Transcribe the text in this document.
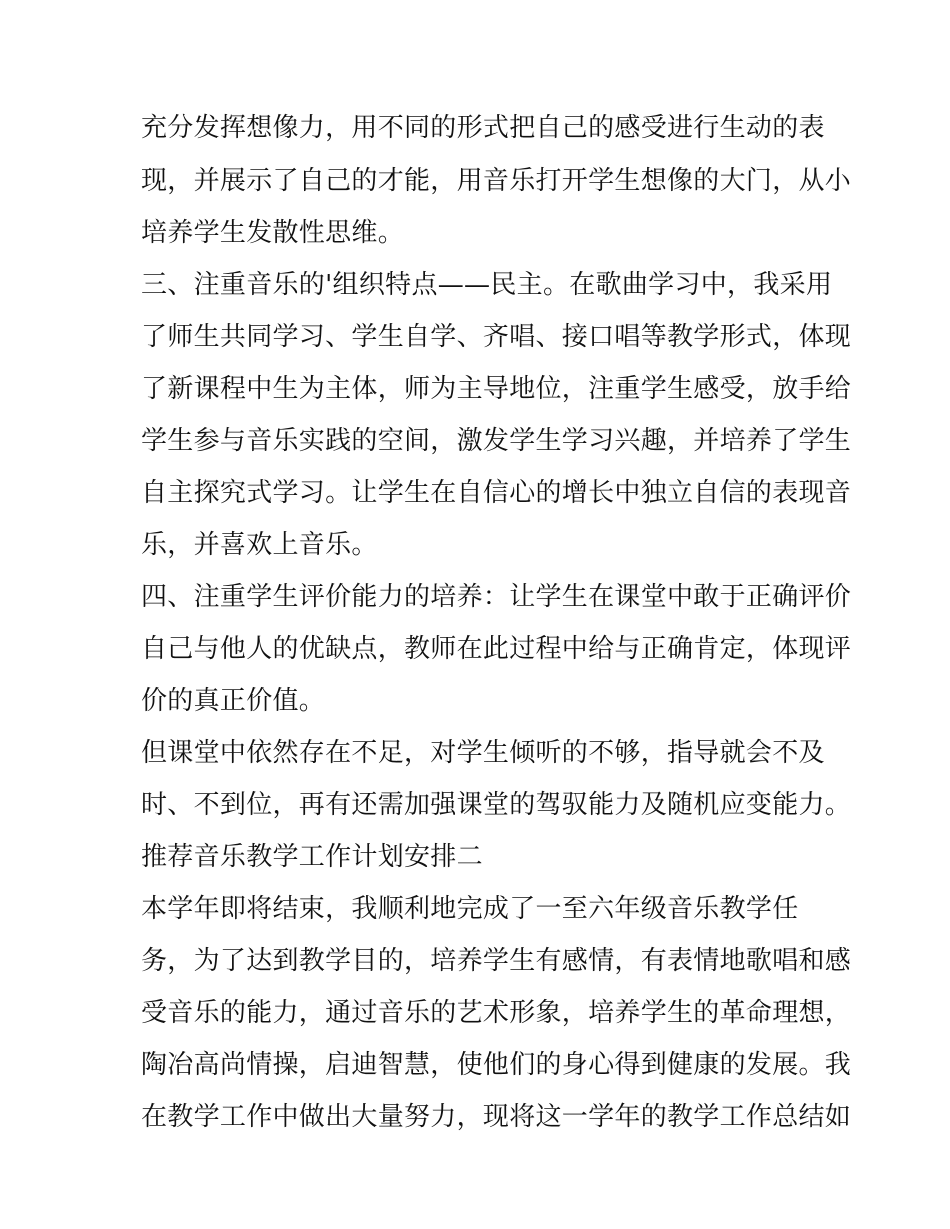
充分发挥想像力，用不同的形式把自己的感受进行生动的表
现，并展示了自己的才能，用音乐打开学生想像的大门，从小
培养学生发散性思维。
三、注重音乐的'组织特点——民主。在歌曲学习中，我采用
了师生共同学习、学生自学、齐唱、接口唱等教学形式，体现
了新课程中生为主体，师为主导地位，注重学生感受，放手给
学生参与音乐实践的空间，激发学生学习兴趣，并培养了学生
自主探究式学习。让学生在自信心的增长中独立自信的表现音
乐，并喜欢上音乐。
四、注重学生评价能力的培养：让学生在课堂中敢于正确评价
自己与他人的优缺点，教师在此过程中给与正确肯定，体现评
价的真正价值。
但课堂中依然存在不足，对学生倾听的不够，指导就会不及
时、不到位，再有还需加强课堂的驾驭能力及随机应变能力。
推荐音乐教学工作计划安排二
本学年即将结束，我顺利地完成了一至六年级音乐教学任
务，为了达到教学目的，培养学生有感情，有表情地歌唱和感
受音乐的能力，通过音乐的艺术形象，培养学生的革命理想，
陶冶高尚情操，启迪智慧，使他们的身心得到健康的发展。我
在教学工作中做出大量努力，现将这一学年的教学工作总结如
